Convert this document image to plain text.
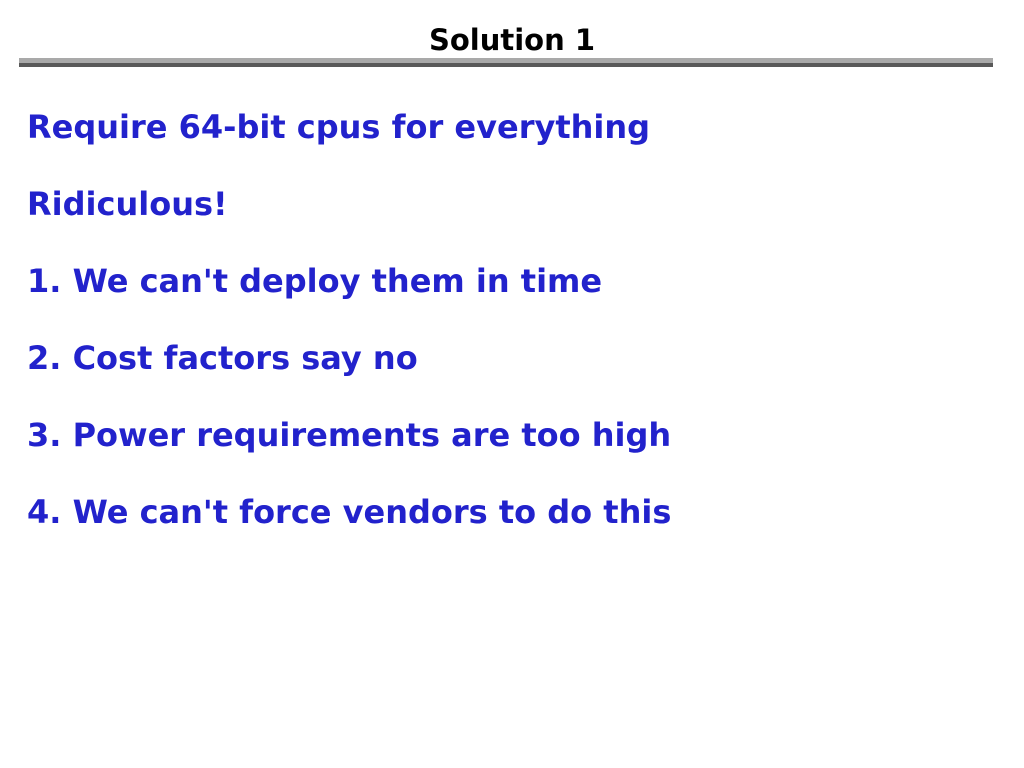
Solution 1
Require 64-bit cpus for everything
Ridiculous!
1. We can't deploy them in time
2. Cost factors say no
3. Power requirements are too high
4. We can't force vendors to do this
